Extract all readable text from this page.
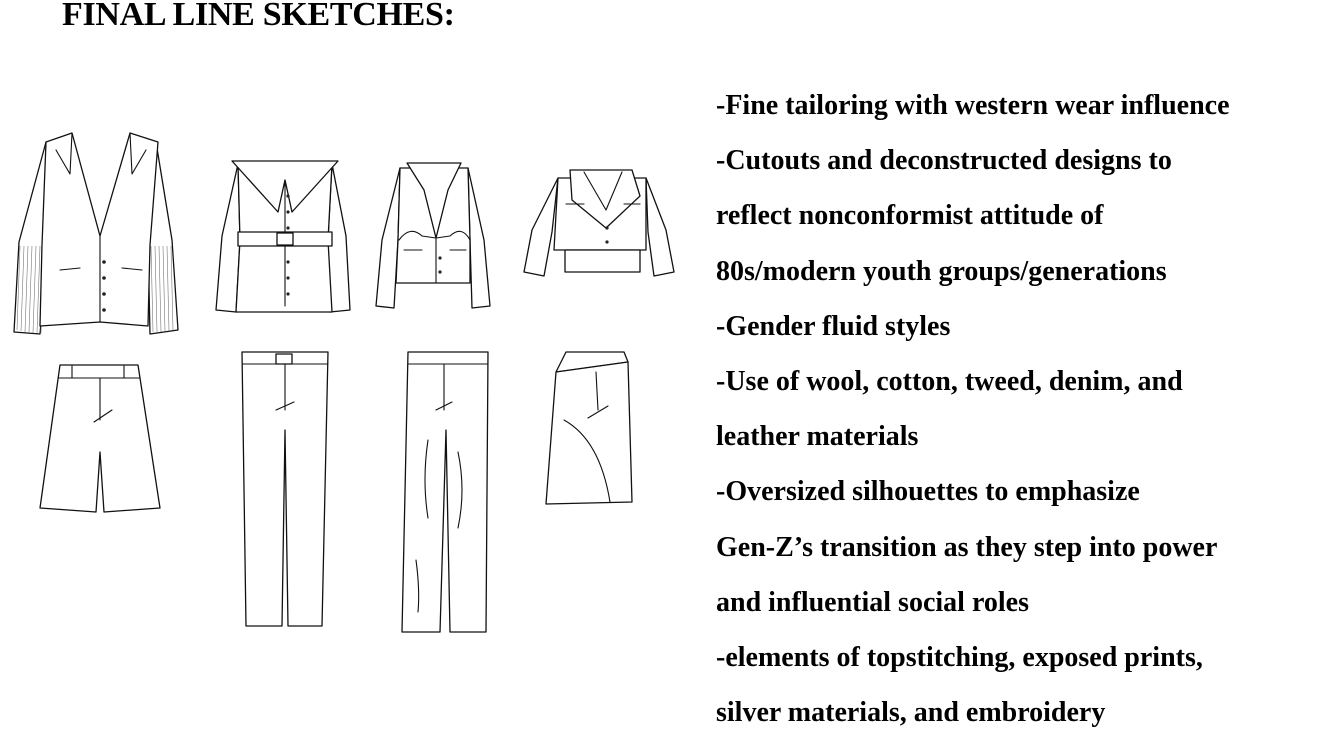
FINAL LINE SKETCHES:
-Fine tailoring with western wear influence
-Cutouts and deconstructed designs to
reflect nonconformist attitude of
80s/modern youth groups/generations
-Gender fluid styles
-Use of wool, cotton, tweed, denim, and
leather materials
-Oversized silhouettes to emphasize
Gen-Z’s transition as they step into power
and influential social roles
-elements of topstitching, exposed prints,
silver materials, and embroidery
